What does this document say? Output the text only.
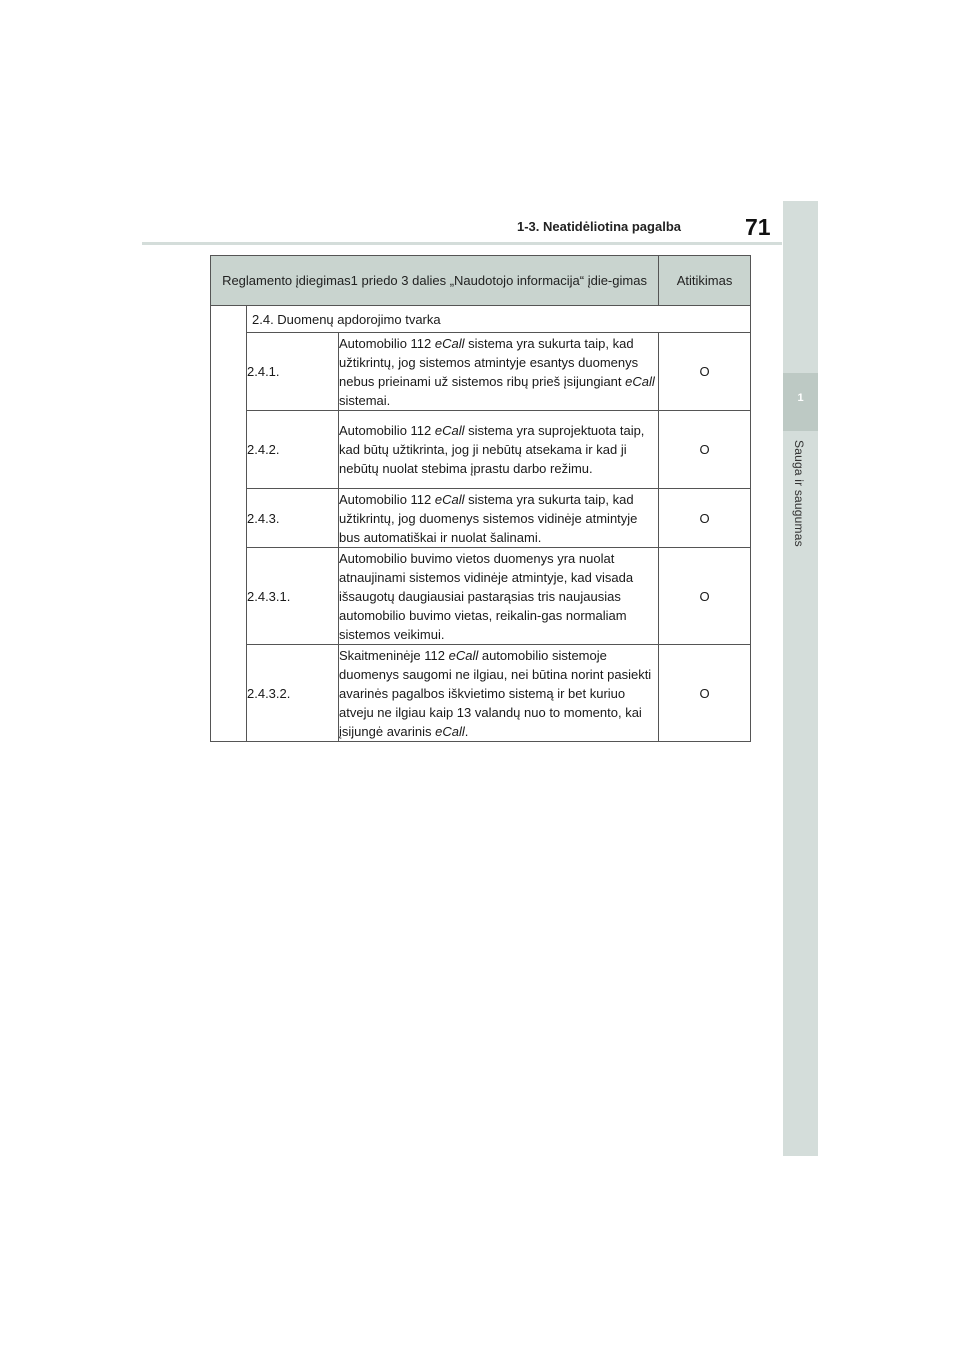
1
Sauga ir saugumas
1-3. Neatidėliotina pagalba	71
Reglamento įdiegimas1 priedo 3 dalies „Naudotojo informacija“ įdie-gimas			Atitikimas
	2.4. Duomenų apdorojimo tvarka		
	2.4.1.	Automobilio 112 eCall sistema yra sukurta taip, kad užtikrintų, jog sistemos atmintyje esantys duomenys nebus prieinami už sistemos ribų prieš įsijungiant eCall sistemai.	O
	2.4.2.	Automobilio 112 eCall sistema yra suprojektuota taip, kad būtų užtikrinta, jog ji nebūtų atsekama ir kad ji nebūtų nuolat stebima įprastu darbo režimu.	O
	2.4.3.	Automobilio 112 eCall sistema yra sukurta taip, kad užtikrintų, jog duomenys sistemos vidinėje atmintyje bus automatiškai ir nuolat šalinami.	O
	2.4.3.1.	Automobilio buvimo vietos duomenys yra nuolat atnaujinami sistemos vidinėje atmintyje, kad visada išsaugotų daugiausiai pastarąsias tris naujausias automobilio buvimo vietas, reikalin-gas normaliam sistemos veikimui.	O
	2.4.3.2.	Skaitmeninėje 112 eCall automobilio sistemoje duomenys saugomi ne ilgiau, nei būtina norint pasiekti avarinės pagalbos iškvietimo sistemą ir bet kuriuo atveju ne ilgiau kaip 13 valandų nuo to momento, kai įsijungė avarinis eCall.	O
